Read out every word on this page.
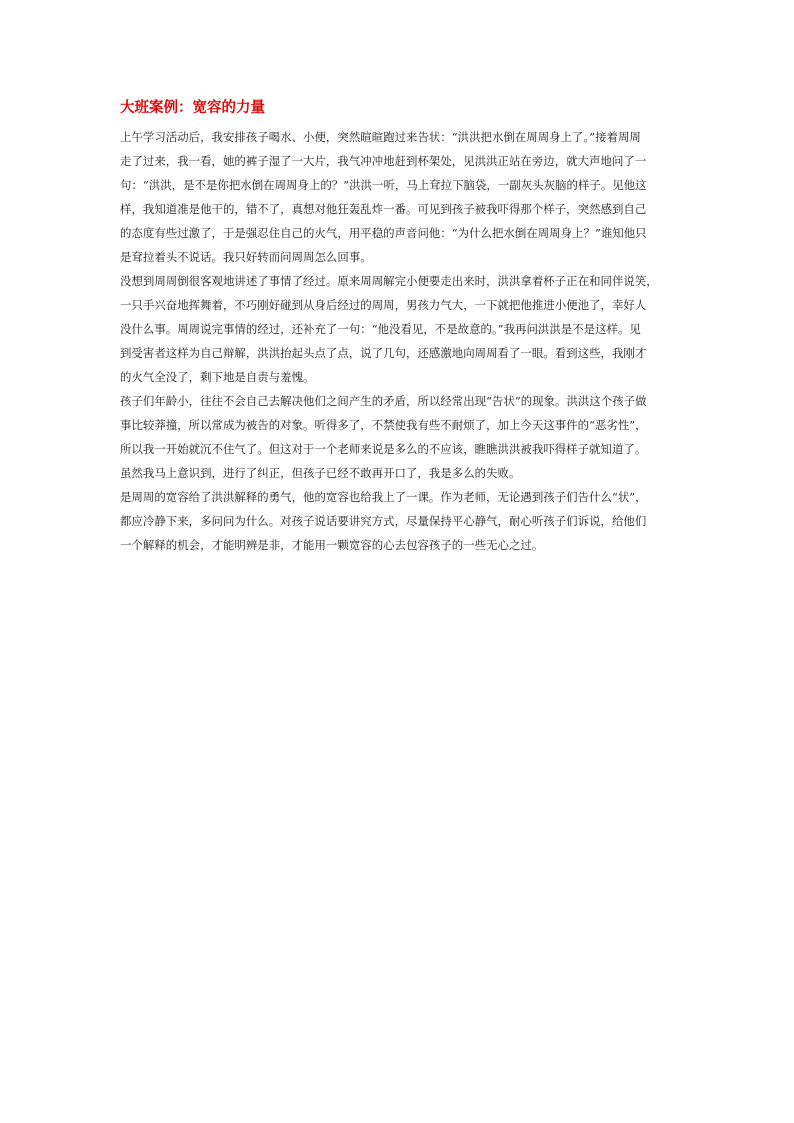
大班案例：宽容的力量

上午学习活动后，我安排孩子喝水、小便，突然暄暄跑过来告状：“洪洪把水倒在周周身上了。”接着周周
走了过来，我一看，她的裤子湿了一大片，我气冲冲地赶到杯架处，见洪洪正站在旁边，就大声地问了一
句：“洪洪，是不是你把水倒在周周身上的？”洪洪一听，马上耷拉下脑袋，一副灰头灰脑的样子。见他这
样，我知道准是他干的，错不了，真想对他狂轰乱炸一番。可见到孩子被我吓得那个样子，突然感到自己
的态度有些过激了，于是强忍住自己的火气，用平稳的声音问他：“为什么把水倒在周周身上？”谁知他只
是耷拉着头不说话。我只好转而问周周怎么回事。

没想到周周倒很客观地讲述了事情了经过。原来周周解完小便要走出来时，洪洪拿着杯子正在和同伴说笑，
一只手兴奋地挥舞着，不巧刚好碰到从身后经过的周周，男孩力气大，一下就把他推进小便池了，幸好人
没什么事。周周说完事情的经过，还补充了一句：“他没看见，不是故意的。”我再问洪洪是不是这样。见
到受害者这样为自己辩解，洪洪抬起头点了点，说了几句，还感激地向周周看了一眼。看到这些，我刚才
的火气全没了，剩下地是自责与羞愧。

孩子们年龄小，往往不会自己去解决他们之间产生的矛盾，所以经常出现“告状”的现象。洪洪这个孩子做
事比较莽撞，所以常成为被告的对象。听得多了，不禁使我有些不耐烦了，加上今天这事件的“恶劣性”，
所以我一开始就沉不住气了。但这对于一个老师来说是多么的不应该，瞧瞧洪洪被我吓得样子就知道了。
虽然我马上意识到，进行了纠正，但孩子已经不敢再开口了，我是多么的失败。

是周周的宽容给了洪洪解释的勇气，他的宽容也给我上了一课。作为老师，无论遇到孩子们告什么“状”，
都应冷静下来，多问问为什么。对孩子说话要讲究方式，尽量保持平心静气，耐心听孩子们诉说，给他们
一个解释的机会，才能明辨是非，才能用一颗宽容的心去包容孩子的一些无心之过。
